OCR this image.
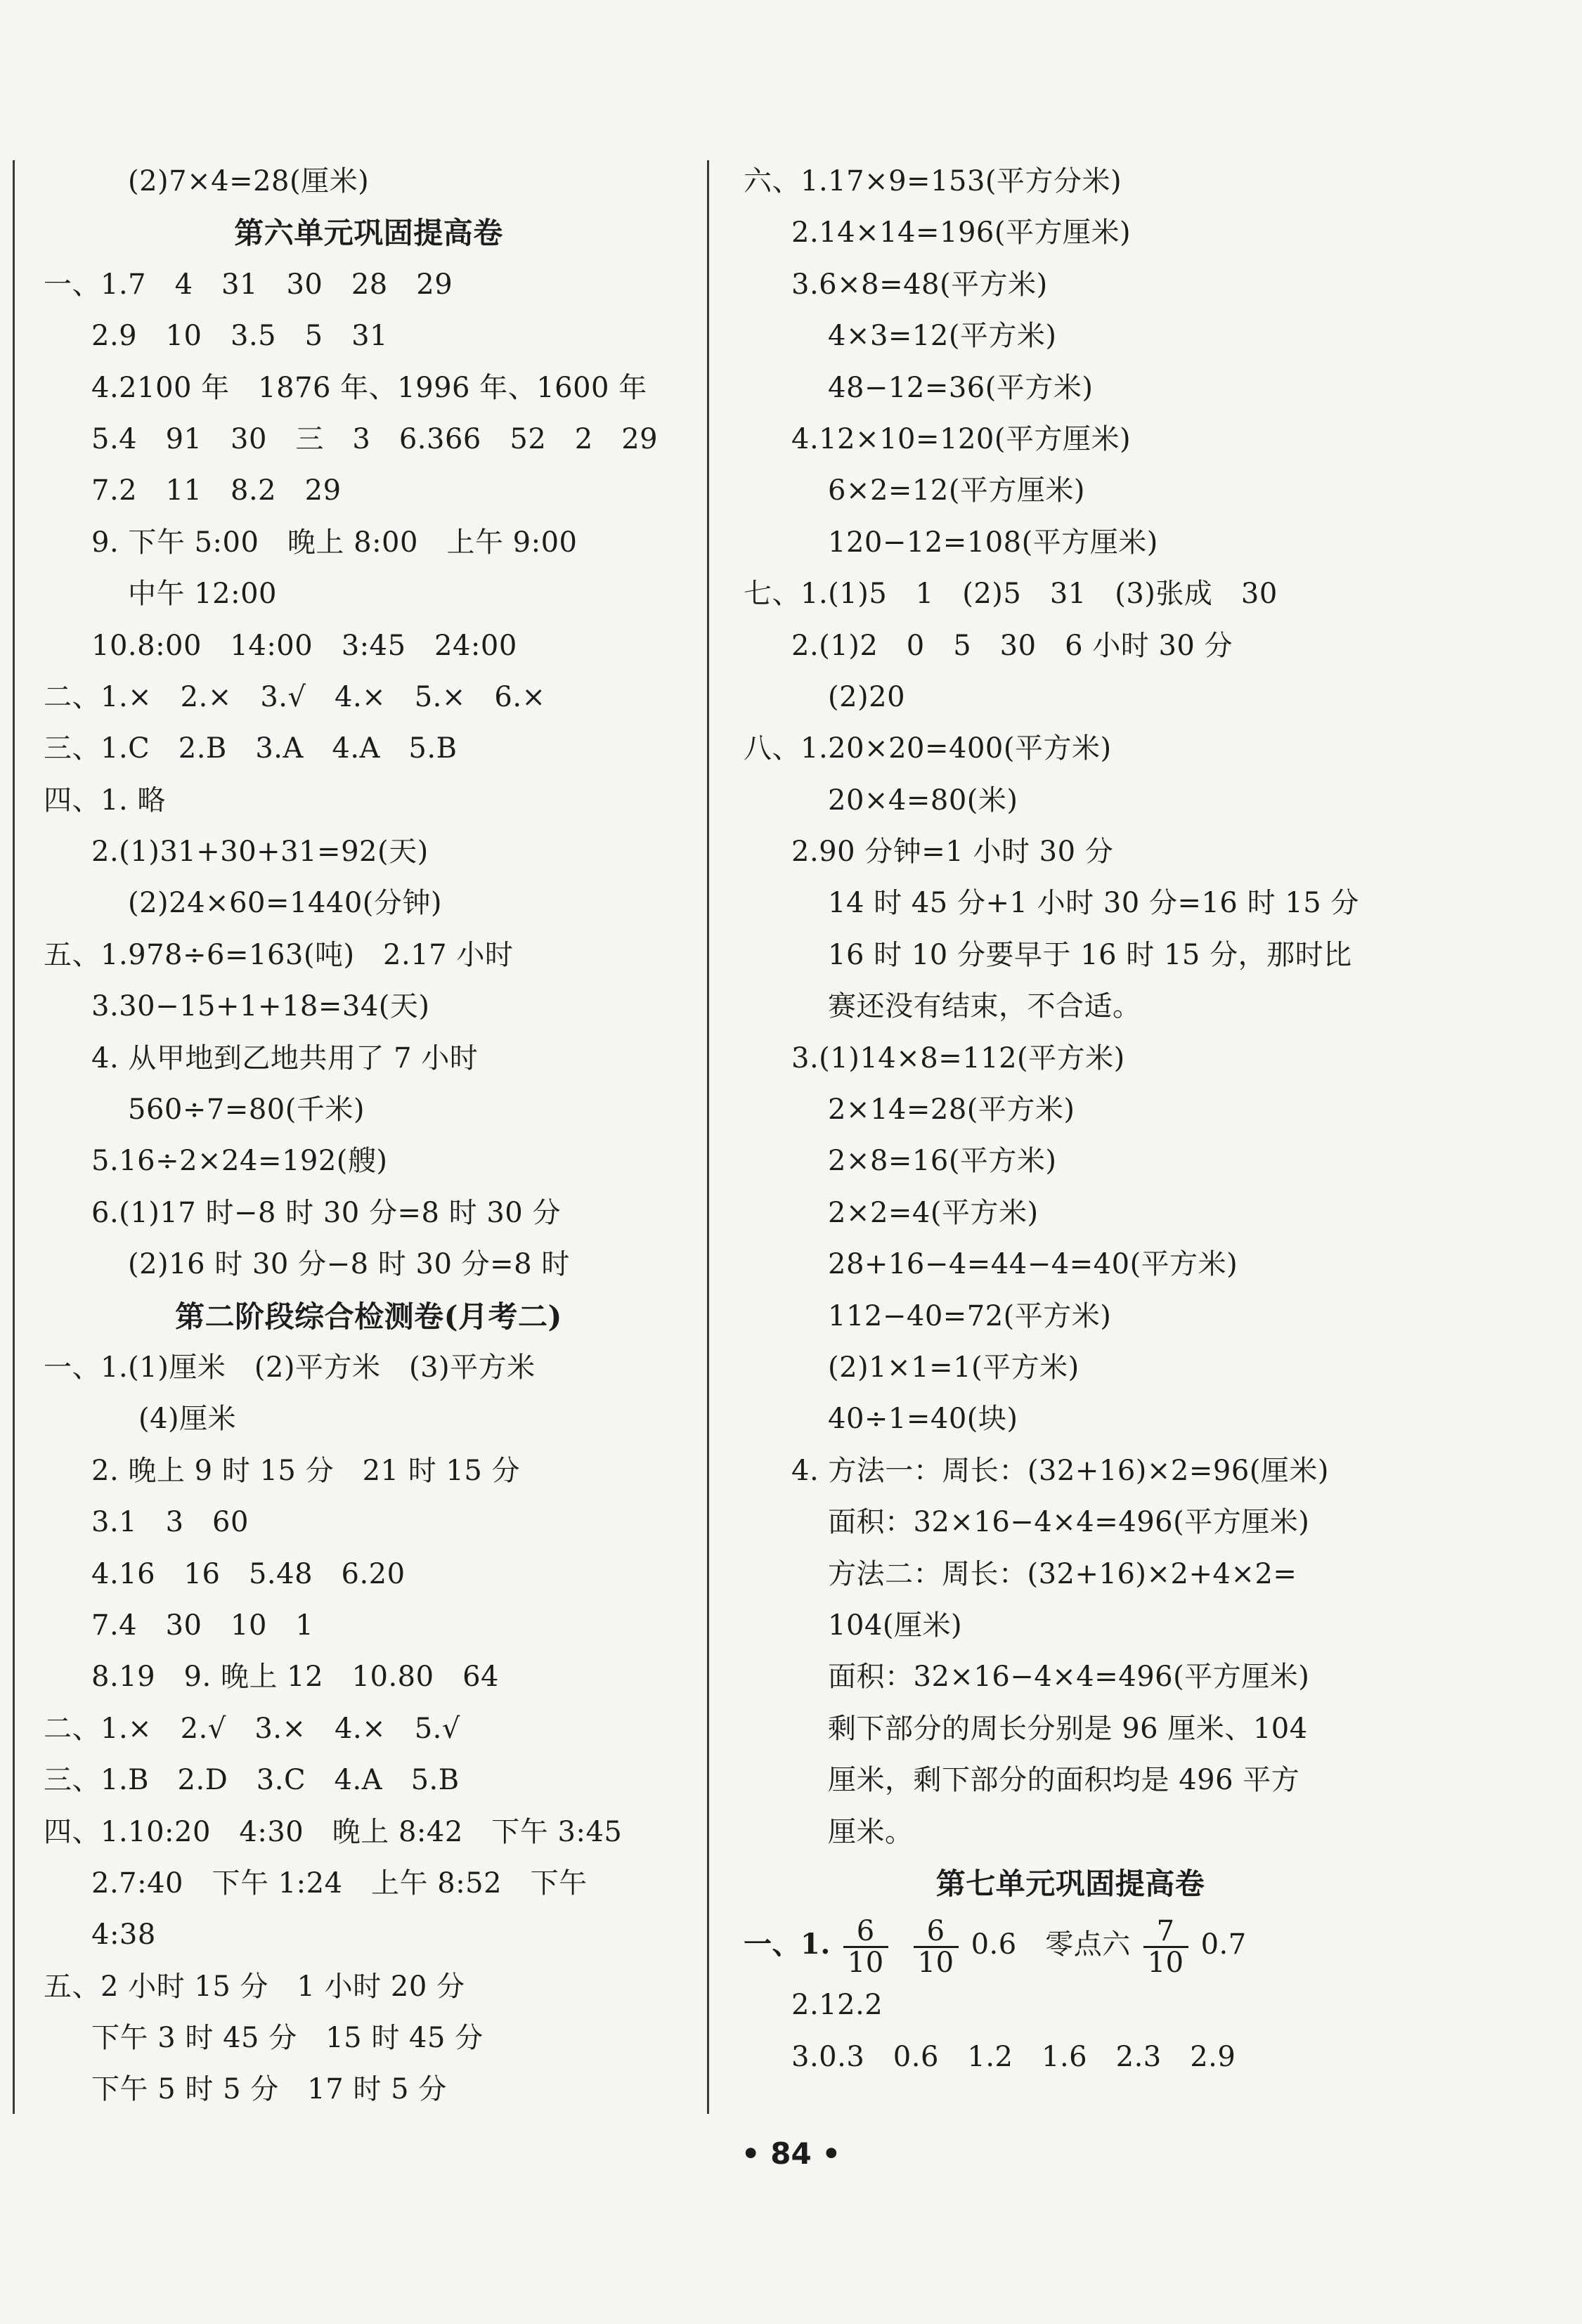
(2)7×4=28(厘米)
第六单元巩固提高卷
一、1.7　4　31　30　28　29
2.9　10　3.5　5　31
4.2100 年　1876 年、1996 年、1600 年
5.4　91　30　三　3　6.366　52　2　29
7.2　11　8.2　29
9. 下午 5:00　晚上 8:00　上午 9:00
中午 12:00
10.8:00　14:00　3:45　24:00
二、1.×　2.×　3.√　4.×　5.×　6.×
三、1.C　2.B　3.A　4.A　5.B
四、1. 略
2.(1)31+30+31=92(天)
(2)24×60=1440(分钟)
五、1.978÷6=163(吨)　2.17 小时
3.30−15+1+18=34(天)
4. 从甲地到乙地共用了 7 小时
560÷7=80(千米)
5.16÷2×24=192(艘)
6.(1)17 时−8 时 30 分=8 时 30 分
(2)16 时 30 分−8 时 30 分=8 时
第二阶段综合检测卷(月考二)
一、1.(1)厘米　(2)平方米　(3)平方米
(4)厘米
2. 晚上 9 时 15 分　21 时 15 分
3.1　3　60
4.16　16　5.48　6.20
7.4　30　10　1
8.19　9. 晚上 12　10.80　64
二、1.×　2.√　3.×　4.×　5.√
三、1.B　2.D　3.C　4.A　5.B
四、1.10:20　4:30　晚上 8:42　下午 3:45
2.7:40　下午 1:24　上午 8:52　下午
4:38
五、2 小时 15 分　1 小时 20 分
下午 3 时 45 分　15 时 45 分
下午 5 时 5 分　17 时 5 分
六、1.17×9=153(平方分米)
2.14×14=196(平方厘米)
3.6×8=48(平方米)
4×3=12(平方米)
48−12=36(平方米)
4.12×10=120(平方厘米)
6×2=12(平方厘米)
120−12=108(平方厘米)
七、1.(1)5　1　(2)5　31　(3)张成　30
2.(1)2　0　5　30　6 小时 30 分
(2)20
八、1.20×20=400(平方米)
20×4=80(米)
2.90 分钟=1 小时 30 分
14 时 45 分+1 小时 30 分=16 时 15 分
16 时 10 分要早于 16 时 15 分，那时比
赛还没有结束，不合适。
3.(1)14×8=112(平方米)
2×14=28(平方米)
2×8=16(平方米)
2×2=4(平方米)
28+16−4=44−4=40(平方米)
112−40=72(平方米)
(2)1×1=1(平方米)
40÷1=40(块)
4. 方法一：周长：(32+16)×2=96(厘米)
面积：32×16−4×4=496(平方厘米)
方法二：周长：(32+16)×2+4×2=
104(厘米)
面积：32×16−4×4=496(平方厘米)
剩下部分的周长分别是 96 厘米、104
厘米，剩下部分的面积均是 496 平方
厘米。
第七单元巩固提高卷
一、1. $\frac{6}{10} \frac{6}{10} 0.6$　零点六 $\frac{7}{10} 0.7$
2.12.2
3.0.3　0.6　1.2　1.6　2.3　2.9
• 84 •
